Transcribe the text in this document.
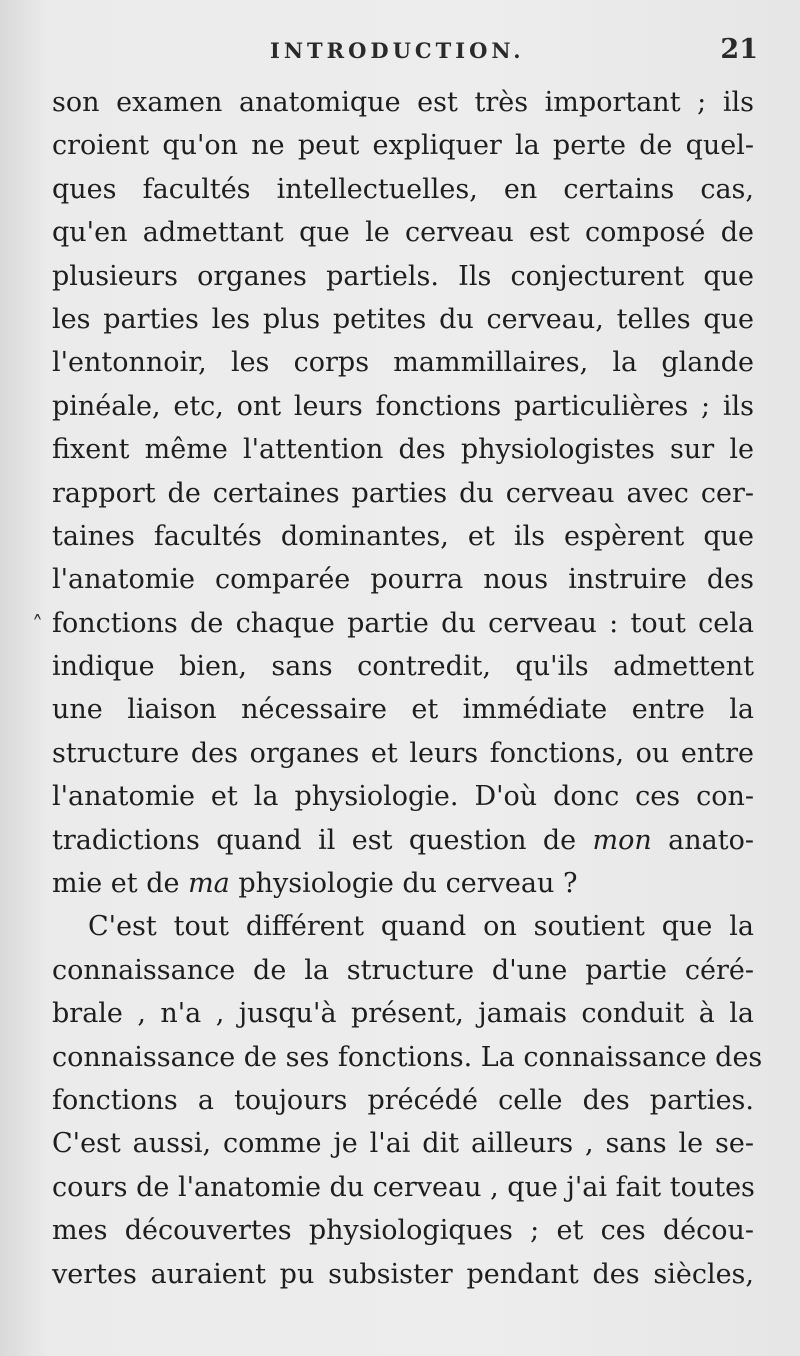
INTRODUCTION.	21
˄
son examen anatomique est très important ; ils
croient qu'on ne peut expliquer la perte de quel-
ques facultés intellectuelles, en certains cas,
qu'en admettant que le cerveau est composé de
plusieurs organes partiels. Ils conjecturent que
les parties les plus petites du cerveau, telles que
l'entonnoir, les corps mammillaires, la glande
pinéale, etc, ont leurs fonctions particulières ; ils
fixent même l'attention des physiologistes sur le
rapport de certaines parties du cerveau avec cer-
taines facultés dominantes, et ils espèrent que
l'anatomie comparée pourra nous instruire des
fonctions de chaque partie du cerveau : tout cela
indique bien, sans contredit, qu'ils admettent
une liaison nécessaire et immédiate entre la
structure des organes et leurs fonctions, ou entre
l'anatomie et la physiologie. D'où donc ces con-
tradictions quand il est question de mon anato-
mie et de ma physiologie du cerveau ?
C'est tout différent quand on soutient que la
connaissance de la structure d'une partie céré-
brale , n'a , jusqu'à présent, jamais conduit à la
connaissance de ses fonctions. La connaissance des
fonctions a toujours précédé celle des parties.
C'est aussi, comme je l'ai dit ailleurs , sans le se-
cours de l'anatomie du cerveau , que j'ai fait toutes
mes découvertes physiologiques ; et ces décou-
vertes auraient pu subsister pendant des siècles,
